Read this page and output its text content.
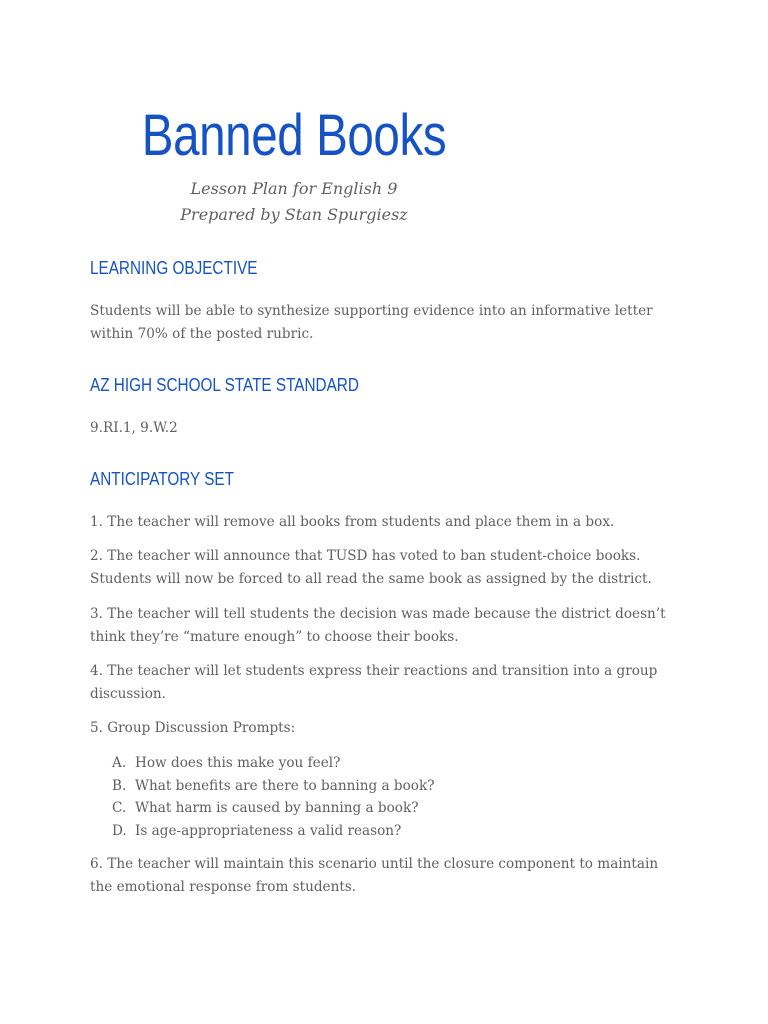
Banned Books

Lesson Plan for English 9

Prepared by Stan Spurgiesz

LEARNING OBJECTIVE

Students will be able to synthesize supporting evidence into an informative letter within 70% of the posted rubric.

AZ HIGH SCHOOL STATE STANDARD

9.RI.1, 9.W.2

ANTICIPATORY SET

1. The teacher will remove all books from students and place them in a box.

2. The teacher will announce that TUSD has voted to ban student-choice books. Students will now be forced to all read the same book as assigned by the district.

3. The teacher will tell students the decision was made because the district doesn’t think they’re “mature enough” to choose their books.

4. The teacher will let students express their reactions and transition into a group discussion.

5. Group Discussion Prompts:

A. How does this make you feel?
B. What benefits are there to banning a book?
C. What harm is caused by banning a book?
D. Is age-appropriateness a valid reason?

6. The teacher will maintain this scenario until the closure component to maintain the emotional response from students.
